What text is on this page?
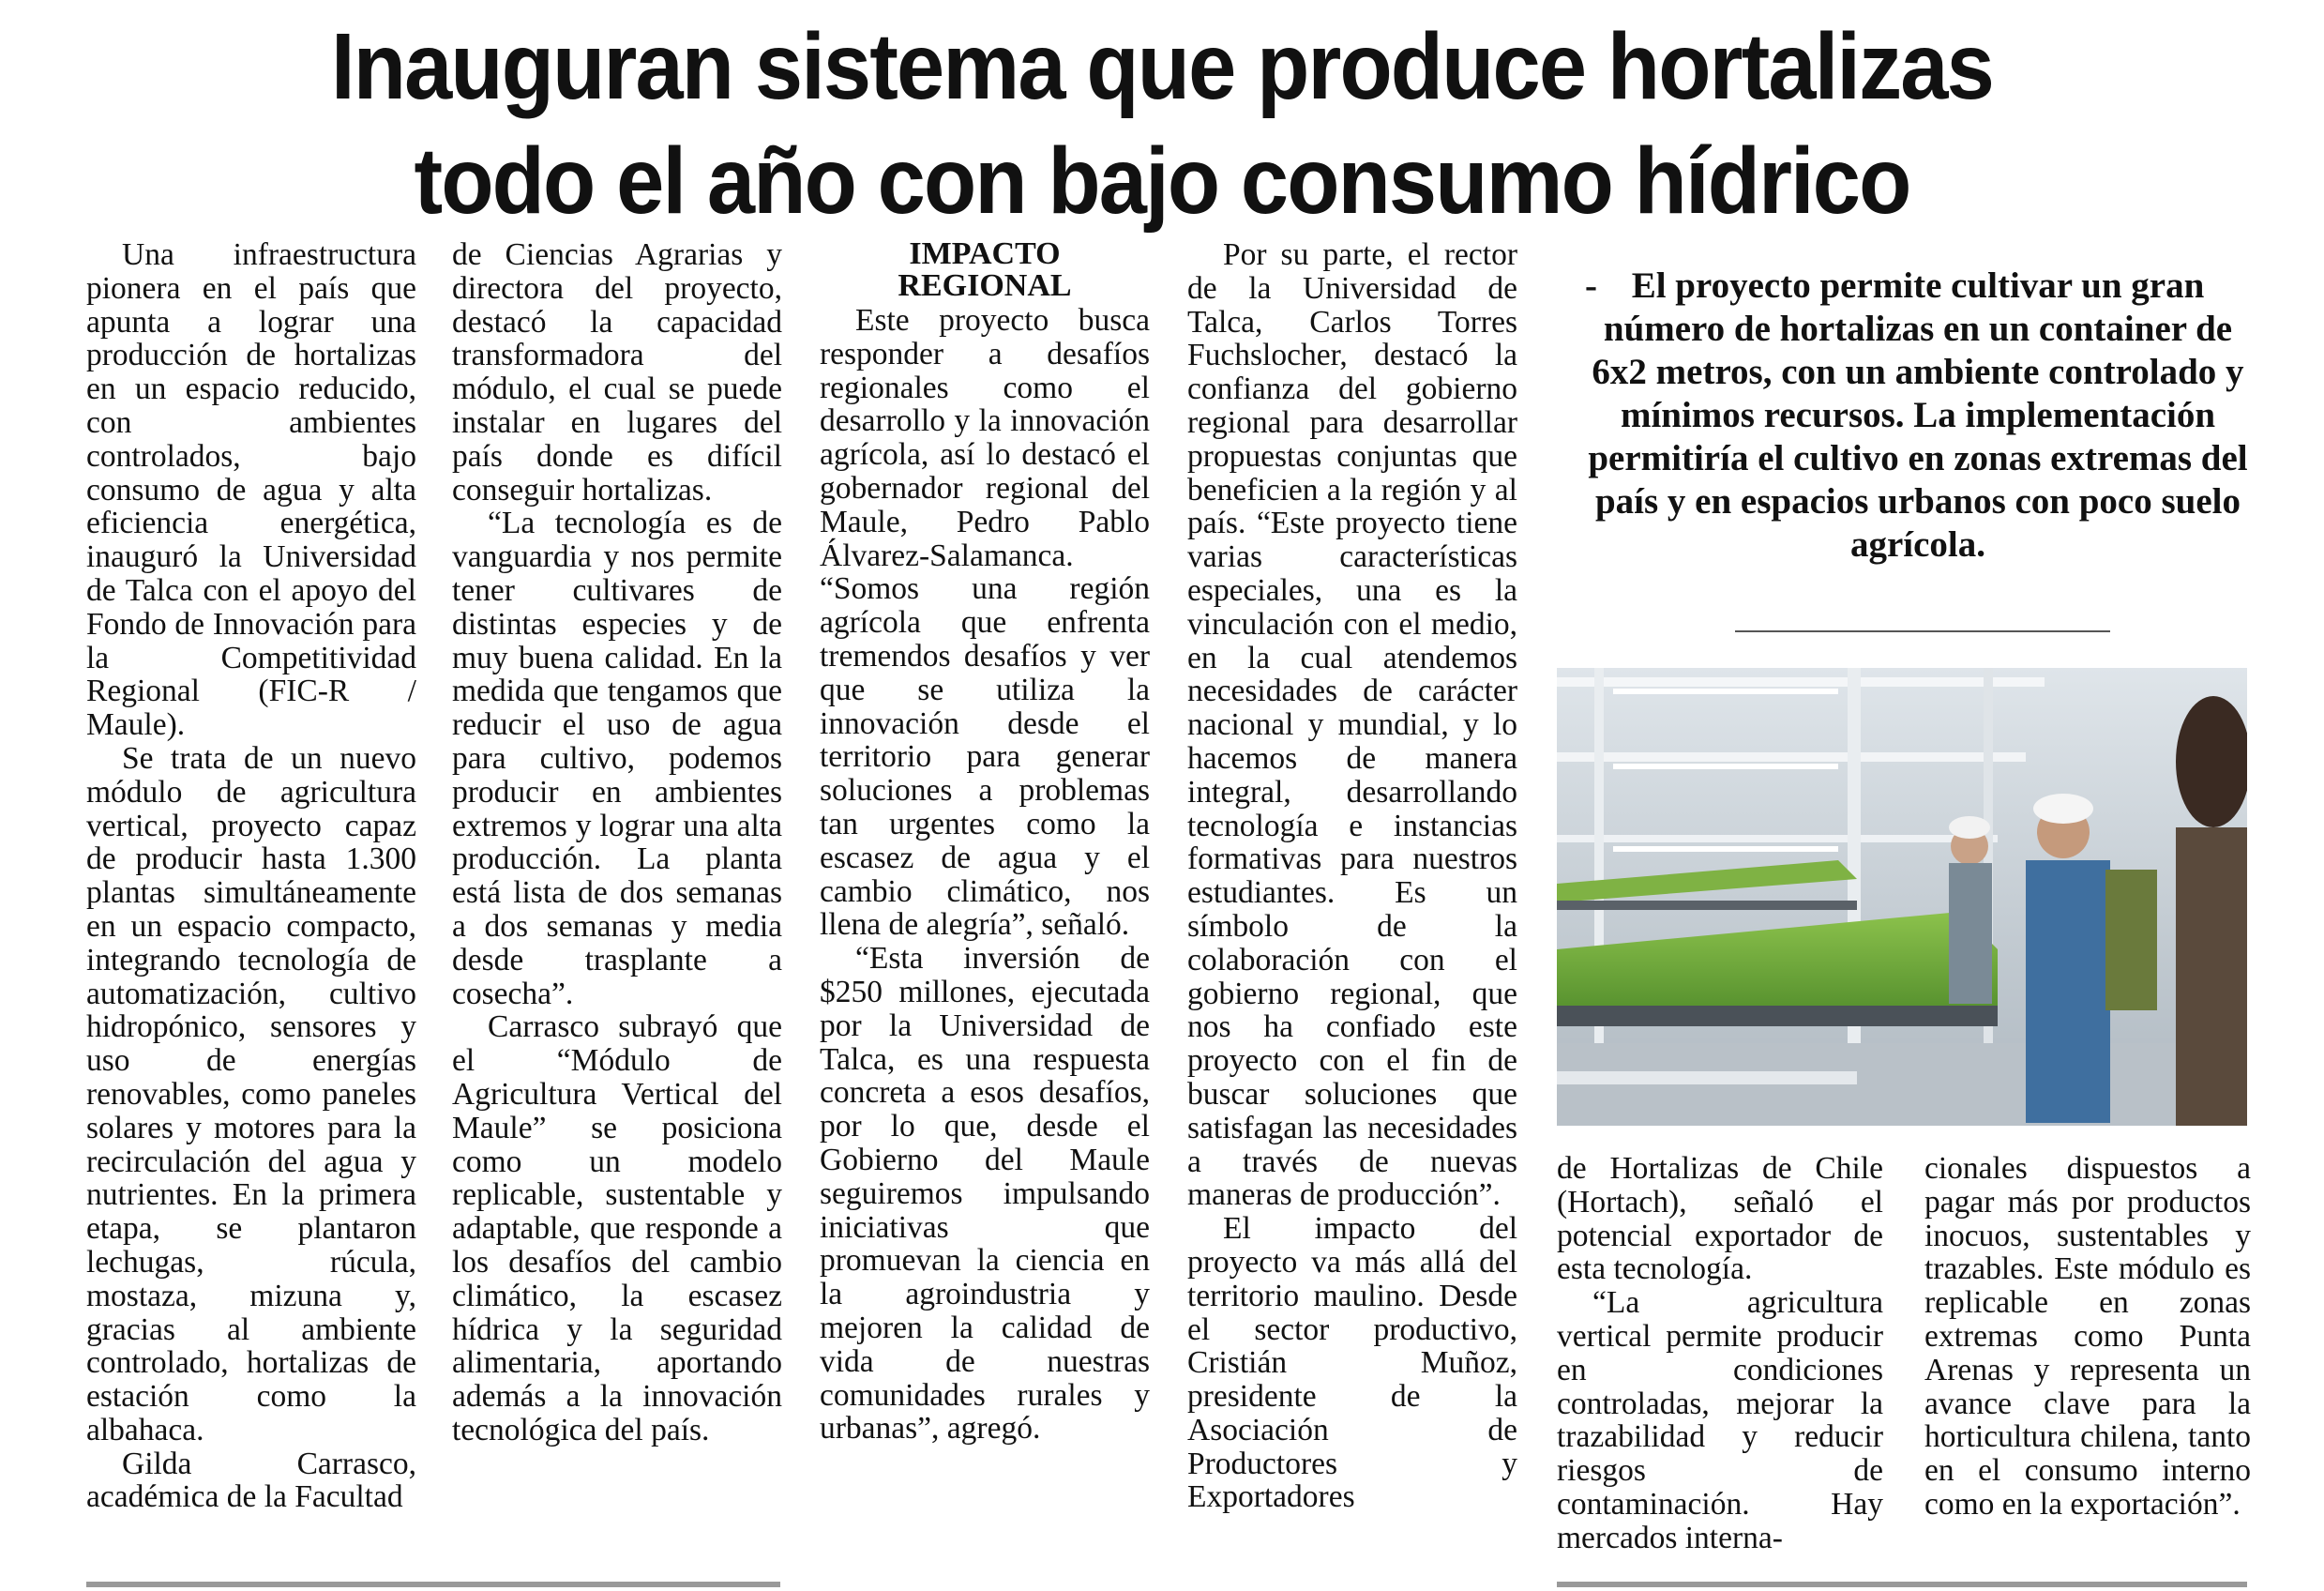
Inauguran sistema que produce hortalizas
todo el año con bajo consumo hídrico

Una infraestructura pionera en el país que apunta a lograr una producción de hortalizas en un espacio reducido, con ambientes controlados, bajo consumo de agua y alta eficiencia energética, inauguró la Universidad de Talca con el apoyo del Fondo de Innovación para la Competitividad Regional (FIC-R / Maule).

Se trata de un nuevo módulo de agricultura vertical, proyecto capaz de producir hasta 1.300 plantas simultáneamente en un espacio compacto, integrando tecnología de automatización, cultivo hidropónico, sensores y uso de energías renovables, como paneles solares y motores para la recirculación del agua y nutrientes. En la primera etapa, se plantaron lechugas, rúcula, mostaza, mizuna y, gracias al ambiente controlado, hortalizas de estación como la albahaca.

Gilda Carrasco, académica de la Facultad

de Ciencias Agrarias y directora del proyecto, destacó la capacidad transformadora del módulo, el cual se puede instalar en lugares del país donde es difícil conseguir hortalizas.

“La tecnología es de vanguardia y nos permite tener cultivares de distintas especies y de muy buena calidad. En la medida que tengamos que reducir el uso de agua para cultivo, podemos producir en ambientes extremos y lograr una alta producción. La planta está lista de dos semanas a dos semanas y media desde trasplante a cosecha”.

Carrasco subrayó que el “Módulo de Agricultura Vertical del Maule” se posiciona como un modelo replicable, sustentable y adaptable, que responde a los desafíos del cambio climático, la escasez hídrica y la seguridad alimentaria, aportando además a la innovación tecnológica del país.

IMPACTO
REGIONAL

Este proyecto busca responder a desafíos regionales como el desarrollo y la innovación agrícola, así lo destacó el gobernador regional del Maule, Pedro Pablo Álvarez-Salamanca. “Somos una región agrícola que enfrenta tremendos desafíos y ver que se utiliza la innovación desde el territorio para generar soluciones a problemas tan urgentes como la escasez de agua y el cambio climático, nos llena de alegría”, señaló.

“Esta inversión de $250 millones, ejecutada por la Universidad de Talca, es una respuesta concreta a esos desafíos, por lo que, desde el Gobierno del Maule seguiremos impulsando iniciativas que promuevan la ciencia en la agroindustria y mejoren la calidad de vida de nuestras comunidades rurales y urbanas”, agregó.

Por su parte, el rector de la Universidad de Talca, Carlos Torres Fuchslocher, destacó la confianza del gobierno regional para desarrollar propuestas conjuntas que beneficien a la región y al país. “Este proyecto tiene varias características especiales, una es la vinculación con el medio, en la cual atendemos necesidades de carácter nacional y mundial, y lo hacemos de manera integral, desarrollando tecnología e instancias formativas para nuestros estudiantes. Es un símbolo de la colaboración con el gobierno regional, que nos ha confiado este proyecto con el fin de buscar soluciones que satisfagan las necesidades a través de nuevas maneras de producción”.

El impacto del proyecto va más allá del territorio maulino. Desde el sector productivo, Cristián Muñoz, presidente de la Asociación de Productores y Exportadores

- El proyecto permite cultivar un gran número de hortalizas en un container de 6x2 metros, con un ambiente controlado y mínimos recursos. La implementación permitiría el cultivo en zonas extremas del país y en espacios urbanos con poco suelo agrícola.

de Hortalizas de Chile (Hortach), señaló el potencial exportador de esta tecnología.

“La agricultura vertical permite producir en condiciones controladas, mejorar la trazabilidad y reducir riesgos de contaminación. Hay mercados interna-

cionales dispuestos a pagar más por productos inocuos, sustentables y trazables. Este módulo es replicable en zonas extremas como Punta Arenas y representa un avance clave para la horticultura chilena, tanto en el consumo interno como en la exportación”.
